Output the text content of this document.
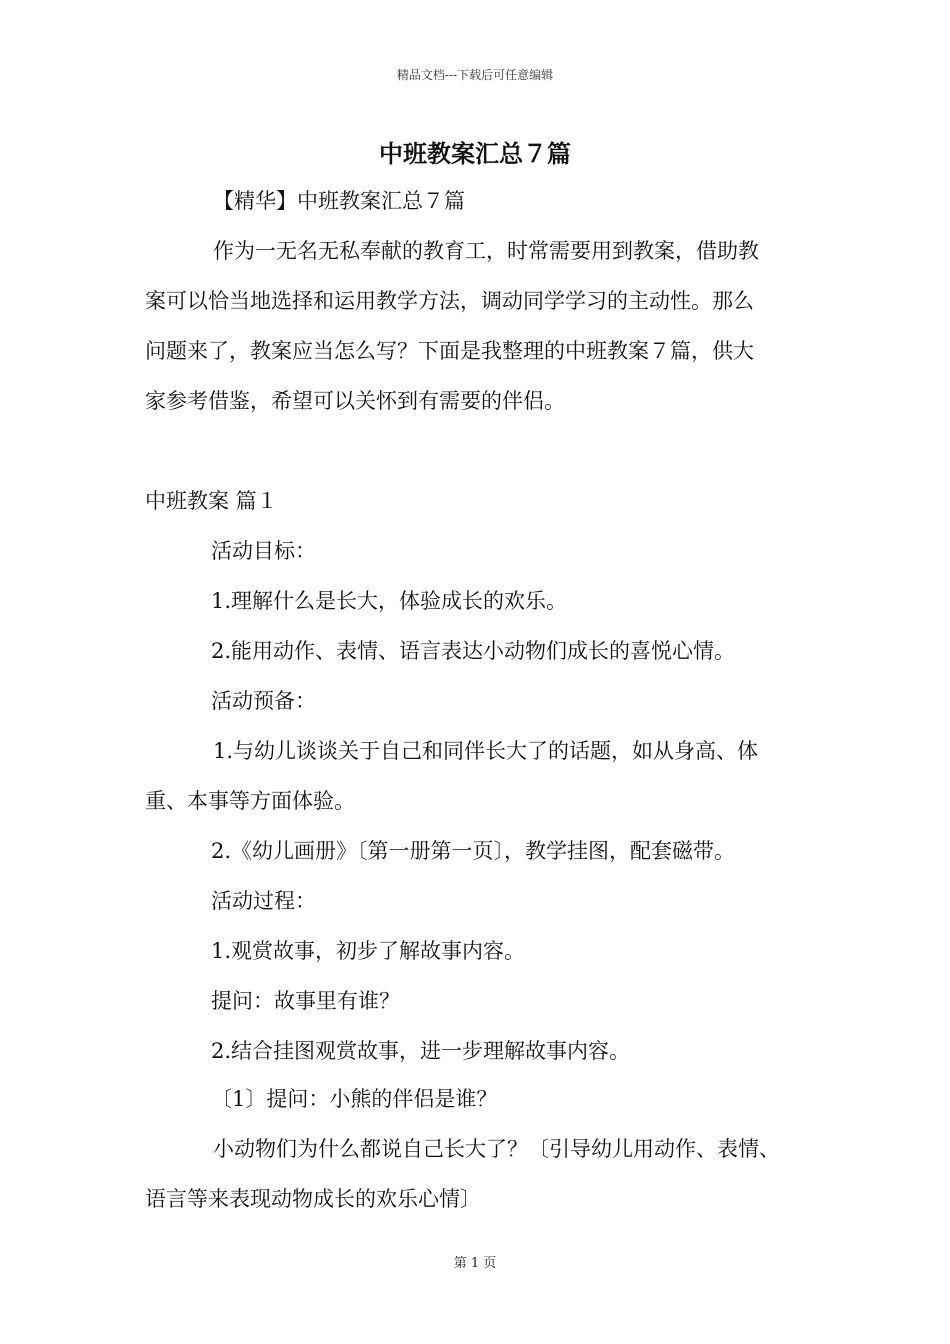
精品文档---下载后可任意编辑
中班教案汇总７篇
【精华】中班教案汇总７篇
作为一无名无私奉献的教育工，时常需要用到教案，借助教
案可以恰当地选择和运用教学方法，调动同学学习的主动性。那么
问题来了，教案应当怎么写？下面是我整理的中班教案７篇，供大
家参考借鉴，希望可以关怀到有需要的伴侣。
中班教案 篇１
活动目标：
1.理解什么是长大，体验成长的欢乐。
2.能用动作、表情、语言表达小动物们成长的喜悦心情。
活动预备：
1.与幼儿谈谈关于自己和同伴长大了的话题，如从身高、体
重、本事等方面体验。
2.《幼儿画册》〔第一册第一页〕，教学挂图，配套磁带。
活动过程：
1.观赏故事，初步了解故事内容。
提问：故事里有谁？
2.结合挂图观赏故事，进一步理解故事内容。
〔1〕提问：小熊的伴侣是谁？
小动物们为什么都说自己长大了？〔引导幼儿用动作、表情、
语言等来表现动物成长的欢乐心情〕
第 1 页
